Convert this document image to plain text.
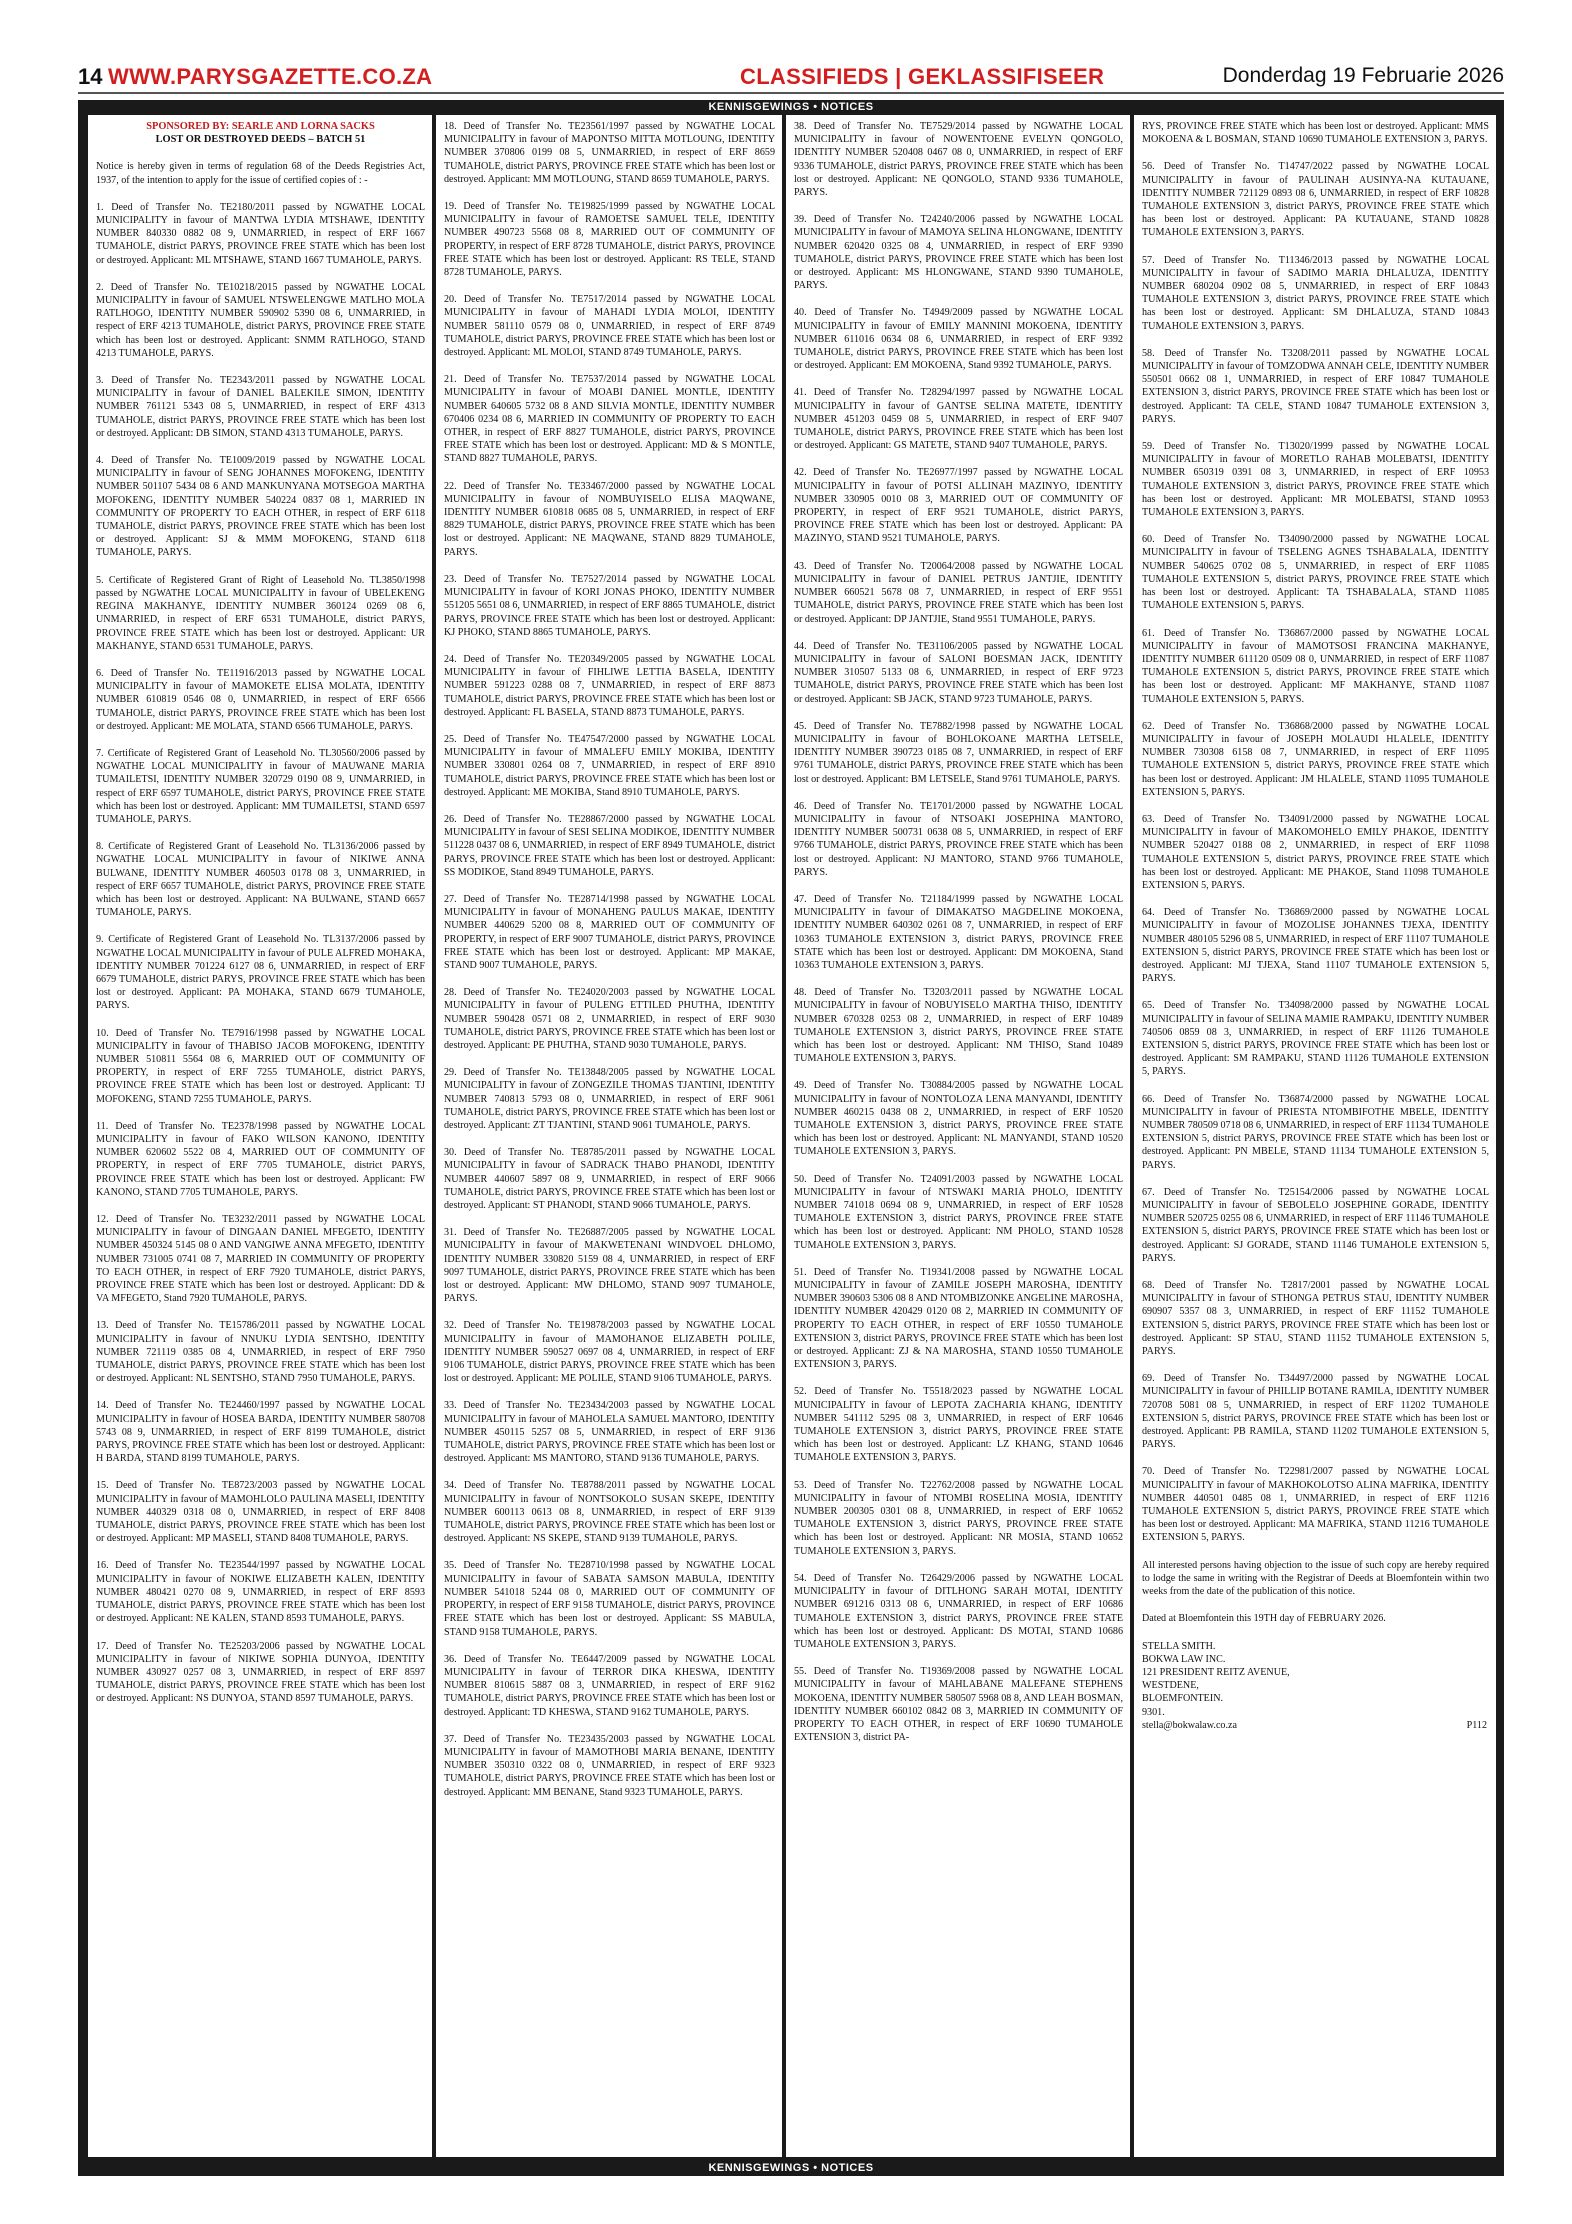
14 WWW.PARYSGAZETTE.CO.ZA	CLASSIFIEDS | GEKLASSIFISEER	Donderdag 19 Februarie 2026
KENNISGEWINGS • NOTICES
KENNISGEWINGS • NOTICES

SPONSORED BY: SEARLE AND LORNA SACKS

LOST OR DESTROYED DEEDS – BATCH 51

Notice is hereby given in terms of regulation 68 of the Deeds Registries Act, 1937, of the intention to apply for the issue of certified copies of : -

1. Deed of Transfer No. TE2180/2011 passed by NGWATHE LOCAL MUNICIPALITY in favour of MANTWA LYDIA MTSHAWE, IDENTITY NUMBER 840330 0882 08 9, UNMARRIED, in respect of ERF 1667 TUMAHOLE, district PARYS, PROVINCE FREE STATE which has been lost or destroyed. Applicant: ML MTSHAWE, STAND 1667 TUMAHOLE, PARYS.

2. Deed of Transfer No. TE10218/2015 passed by NGWATHE LOCAL MUNICIPALITY in favour of SAMUEL NTSWELENGWE MATLHO MOLA RATLHOGO, IDENTITY NUMBER 590902 5390 08 6, UNMARRIED, in respect of ERF 4213 TUMAHOLE, district PARYS, PROVINCE FREE STATE which has been lost or destroyed. Applicant: SNMM RATLHOGO, STAND 4213 TUMAHOLE, PARYS.

3. Deed of Transfer No. TE2343/2011 passed by NGWATHE LOCAL MUNICIPALITY in favour of DANIEL BALEKILE SIMON, IDENTITY NUMBER 761121 5343 08 5, UNMARRIED, in respect of ERF 4313 TUMAHOLE, district PARYS, PROVINCE FREE STATE which has been lost or destroyed. Applicant: DB SIMON, STAND 4313 TUMAHOLE, PARYS.

4. Deed of Transfer No. TE1009/2019 passed by NGWATHE LOCAL MUNICIPALITY in favour of SENG JOHANNES MOFOKENG, IDENTITY NUMBER 501107 5434 08 6 AND MANKUNYANA MOTSEGOA MARTHA MOFOKENG, IDENTITY NUMBER 540224 0837 08 1, MARRIED IN COMMUNITY OF PROPERTY TO EACH OTHER, in respect of ERF 6118 TUMAHOLE, district PARYS, PROVINCE FREE STATE which has been lost or destroyed. Applicant: SJ & MMM MOFOKENG, STAND 6118 TUMAHOLE, PARYS.

5. Certificate of Registered Grant of Right of Leasehold No. TL3850/1998 passed by NGWATHE LOCAL MUNICIPALITY in favour of UBELEKENG REGINA MAKHANYE, IDENTITY NUMBER 360124 0269 08 6, UNMARRIED, in respect of ERF 6531 TUMAHOLE, district PARYS, PROVINCE FREE STATE which has been lost or destroyed. Applicant: UR MAKHANYE, STAND 6531 TUMAHOLE, PARYS.

6. Deed of Transfer No. TE11916/2013 passed by NGWATHE LOCAL MUNICIPALITY in favour of MAMOKETE ELISA MOLATA, IDENTITY NUMBER 610819 0546 08 0, UNMARRIED, in respect of ERF 6566 TUMAHOLE, district PARYS, PROVINCE FREE STATE which has been lost or destroyed. Applicant: ME MOLATA, STAND 6566 TUMAHOLE, PARYS.

7. Certificate of Registered Grant of Leasehold No. TL30560/2006 passed by NGWATHE LOCAL MUNICIPALITY in favour of MAUWANE MARIA TUMAILETSI, IDENTITY NUMBER 320729 0190 08 9, UNMARRIED, in respect of ERF 6597 TUMAHOLE, district PARYS, PROVINCE FREE STATE which has been lost or destroyed. Applicant: MM TUMAILETSI, STAND 6597 TUMAHOLE, PARYS.

8. Certificate of Registered Grant of Leasehold No. TL3136/2006 passed by NGWATHE LOCAL MUNICIPALITY in favour of NIKIWE ANNA BULWANE, IDENTITY NUMBER 460503 0178 08 3, UNMARRIED, in respect of ERF 6657 TUMAHOLE, district PARYS, PROVINCE FREE STATE which has been lost or destroyed. Applicant: NA BULWANE, STAND 6657 TUMAHOLE, PARYS.

9. Certificate of Registered Grant of Leasehold No. TL3137/2006 passed by NGWATHE LOCAL MUNICIPALITY in favour of PULE ALFRED MOHAKA, IDENTITY NUMBER 701224 6127 08 6, UNMARRIED, in respect of ERF 6679 TUMAHOLE, district PARYS, PROVINCE FREE STATE which has been lost or destroyed. Applicant: PA MOHAKA, STAND 6679 TUMAHOLE, PARYS.

10. Deed of Transfer No. TE7916/1998 passed by NGWATHE LOCAL MUNICIPALITY in favour of THABISO JACOB MOFOKENG, IDENTITY NUMBER 510811 5564 08 6, MARRIED OUT OF COMMUNITY OF PROPERTY, in respect of ERF 7255 TUMAHOLE, district PARYS, PROVINCE FREE STATE which has been lost or destroyed. Applicant: TJ MOFOKENG, STAND 7255 TUMAHOLE, PARYS.

11. Deed of Transfer No. TE2378/1998 passed by NGWATHE LOCAL MUNICIPALITY in favour of FAKO WILSON KANONO, IDENTITY NUMBER 620602 5522 08 4, MARRIED OUT OF COMMUNITY OF PROPERTY, in respect of ERF 7705 TUMAHOLE, district PARYS, PROVINCE FREE STATE which has been lost or destroyed. Applicant: FW KANONO, STAND 7705 TUMAHOLE, PARYS.

12. Deed of Transfer No. TE3232/2011 passed by NGWATHE LOCAL MUNICIPALITY in favour of DINGAAN DANIEL MFEGETO, IDENTITY NUMBER 450324 5145 08 0 AND VANGIWE ANNA MFEGETO, IDENTITY NUMBER 731005 0741 08 7, MARRIED IN COMMUNITY OF PROPERTY TO EACH OTHER, in respect of ERF 7920 TUMAHOLE, district PARYS, PROVINCE FREE STATE which has been lost or destroyed. Applicant: DD & VA MFEGETO, Stand 7920 TUMAHOLE, PARYS.

13. Deed of Transfer No. TE15786/2011 passed by NGWATHE LOCAL MUNICIPALITY in favour of NNUKU LYDIA SENTSHO, IDENTITY NUMBER 721119 0385 08 4, UNMARRIED, in respect of ERF 7950 TUMAHOLE, district PARYS, PROVINCE FREE STATE which has been lost or destroyed. Applicant: NL SENTSHO, STAND 7950 TUMAHOLE, PARYS.

14. Deed of Transfer No. TE24460/1997 passed by NGWATHE LOCAL MUNICIPALITY in favour of HOSEA BARDA, IDENTITY NUMBER 580708 5743 08 9, UNMARRIED, in respect of ERF 8199 TUMAHOLE, district PARYS, PROVINCE FREE STATE which has been lost or destroyed. Applicant: H BARDA, STAND 8199 TUMAHOLE, PARYS.

15. Deed of Transfer No. TE8723/2003 passed by NGWATHE LOCAL MUNICIPALITY in favour of MAMOHLOLO PAULINA MASELI, IDENTITY NUMBER 440329 0318 08 0, UNMARRIED, in respect of ERF 8408 TUMAHOLE, district PARYS, PROVINCE FREE STATE which has been lost or destroyed. Applicant: MP MASELI, STAND 8408 TUMAHOLE, PARYS.

16. Deed of Transfer No. TE23544/1997 passed by NGWATHE LOCAL MUNICIPALITY in favour of NOKIWE ELIZABETH KALEN, IDENTITY NUMBER 480421 0270 08 9, UNMARRIED, in respect of ERF 8593 TUMAHOLE, district PARYS, PROVINCE FREE STATE which has been lost or destroyed. Applicant: NE KALEN, STAND 8593 TUMAHOLE, PARYS.

17. Deed of Transfer No. TE25203/2006 passed by NGWATHE LOCAL MUNICIPALITY in favour of NIKIWE SOPHIA DUNYOA, IDENTITY NUMBER 430927 0257 08 3, UNMARRIED, in respect of ERF 8597 TUMAHOLE, district PARYS, PROVINCE FREE STATE which has been lost or destroyed. Applicant: NS DUNYOA, STAND 8597 TUMAHOLE, PARYS.

18. Deed of Transfer No. TE23561/1997 passed by NGWATHE LOCAL MUNICIPALITY in favour of MAPONTSO MITTA MOTLOUNG, IDENTITY NUMBER 370806 0199 08 5, UNMARRIED, in respect of ERF 8659 TUMAHOLE, district PARYS, PROVINCE FREE STATE which has been lost or destroyed. Applicant: MM MOTLOUNG, STAND 8659 TUMAHOLE, PARYS.

19. Deed of Transfer No. TE19825/1999 passed by NGWATHE LOCAL MUNICIPALITY in favour of RAMOETSE SAMUEL TELE, IDENTITY NUMBER 490723 5568 08 8, MARRIED OUT OF COMMUNITY OF PROPERTY, in respect of ERF 8728 TUMAHOLE, district PARYS, PROVINCE FREE STATE which has been lost or destroyed. Applicant: RS TELE, STAND 8728 TUMAHOLE, PARYS.

20. Deed of Transfer No. TE7517/2014 passed by NGWATHE LOCAL MUNICIPALITY in favour of MAHADI LYDIA MOLOI, IDENTITY NUMBER 581110 0579 08 0, UNMARRIED, in respect of ERF 8749 TUMAHOLE, district PARYS, PROVINCE FREE STATE which has been lost or destroyed. Applicant: ML MOLOI, STAND 8749 TUMAHOLE, PARYS.

21. Deed of Transfer No. TE7537/2014 passed by NGWATHE LOCAL MUNICIPALITY in favour of MOABI DANIEL MONTLE, IDENTITY NUMBER 640605 5732 08 8 AND SILVIA MONTLE, IDENTITY NUMBER 670406 0234 08 6, MARRIED IN COMMUNITY OF PROPERTY TO EACH OTHER, in respect of ERF 8827 TUMAHOLE, district PARYS, PROVINCE FREE STATE which has been lost or destroyed. Applicant: MD & S MONTLE, STAND 8827 TUMAHOLE, PARYS.

22. Deed of Transfer No. TE33467/2000 passed by NGWATHE LOCAL MUNICIPALITY in favour of NOMBUYISELO ELISA MAQWANE, IDENTITY NUMBER 610818 0685 08 5, UNMARRIED, in respect of ERF 8829 TUMAHOLE, district PARYS, PROVINCE FREE STATE which has been lost or destroyed. Applicant: NE MAQWANE, STAND 8829 TUMAHOLE, PARYS.

23. Deed of Transfer No. TE7527/2014 passed by NGWATHE LOCAL MUNICIPALITY in favour of KORI JONAS PHOKO, IDENTITY NUMBER 551205 5651 08 6, UNMARRIED, in respect of ERF 8865 TUMAHOLE, district PARYS, PROVINCE FREE STATE which has been lost or destroyed. Applicant: KJ PHOKO, STAND 8865 TUMAHOLE, PARYS.

24. Deed of Transfer No. TE20349/2005 passed by NGWATHE LOCAL MUNICIPALITY in favour of FIHLIWE LETTIA BASELA, IDENTITY NUMBER 591223 0288 08 7, UNMARRIED, in respect of ERF 8873 TUMAHOLE, district PARYS, PROVINCE FREE STATE which has been lost or destroyed. Applicant: FL BASELA, STAND 8873 TUMAHOLE, PARYS.

25. Deed of Transfer No. TE47547/2000 passed by NGWATHE LOCAL MUNICIPALITY in favour of MMALEFU EMILY MOKIBA, IDENTITY NUMBER 330801 0264 08 7, UNMARRIED, in respect of ERF 8910 TUMAHOLE, district PARYS, PROVINCE FREE STATE which has been lost or destroyed. Applicant: ME MOKIBA, Stand 8910 TUMAHOLE, PARYS.

26. Deed of Transfer No. TE28867/2000 passed by NGWATHE LOCAL MUNICIPALITY in favour of SESI SELINA MODIKOE, IDENTITY NUMBER 511228 0437 08 6, UNMARRIED, in respect of ERF 8949 TUMAHOLE, district PARYS, PROVINCE FREE STATE which has been lost or destroyed. Applicant: SS MODIKOE, Stand 8949 TUMAHOLE, PARYS.

27. Deed of Transfer No. TE28714/1998 passed by NGWATHE LOCAL MUNICIPALITY in favour of MONAHENG PAULUS MAKAE, IDENTITY NUMBER 440629 5200 08 8, MARRIED OUT OF COMMUNITY OF PROPERTY, in respect of ERF 9007 TUMAHOLE, district PARYS, PROVINCE FREE STATE which has been lost or destroyed. Applicant: MP MAKAE, STAND 9007 TUMAHOLE, PARYS.

28. Deed of Transfer No. TE24020/2003 passed by NGWATHE LOCAL MUNICIPALITY in favour of PULENG ETTILED PHUTHA, IDENTITY NUMBER 590428 0571 08 2, UNMARRIED, in respect of ERF 9030 TUMAHOLE, district PARYS, PROVINCE FREE STATE which has been lost or destroyed. Applicant: PE PHUTHA, STAND 9030 TUMAHOLE, PARYS.

29. Deed of Transfer No. TE13848/2005 passed by NGWATHE LOCAL MUNICIPALITY in favour of ZONGEZILE THOMAS TJANTINI, IDENTITY NUMBER 740813 5793 08 0, UNMARRIED, in respect of ERF 9061 TUMAHOLE, district PARYS, PROVINCE FREE STATE which has been lost or destroyed. Applicant: ZT TJANTINI, STAND 9061 TUMAHOLE, PARYS.

30. Deed of Transfer No. TE8785/2011 passed by NGWATHE LOCAL MUNICIPALITY in favour of SADRACK THABO PHANODI, IDENTITY NUMBER 440607 5897 08 9, UNMARRIED, in respect of ERF 9066 TUMAHOLE, district PARYS, PROVINCE FREE STATE which has been lost or destroyed. Applicant: ST PHANODI, STAND 9066 TUMAHOLE, PARYS.

31. Deed of Transfer No. TE26887/2005 passed by NGWATHE LOCAL MUNICIPALITY in favour of MAKWETENANI WINDVOEL DHLOMO, IDENTITY NUMBER 330820 5159 08 4, UNMARRIED, in respect of ERF 9097 TUMAHOLE, district PARYS, PROVINCE FREE STATE which has been lost or destroyed. Applicant: MW DHLOMO, STAND 9097 TUMAHOLE, PARYS.

32. Deed of Transfer No. TE19878/2003 passed by NGWATHE LOCAL MUNICIPALITY in favour of MAMOHANOE ELIZABETH POLILE, IDENTITY NUMBER 590527 0697 08 4, UNMARRIED, in respect of ERF 9106 TUMAHOLE, district PARYS, PROVINCE FREE STATE which has been lost or destroyed. Applicant: ME POLILE, STAND 9106 TUMAHOLE, PARYS.

33. Deed of Transfer No. TE23434/2003 passed by NGWATHE LOCAL MUNICIPALITY in favour of MAHOLELA SAMUEL MANTORO, IDENTITY NUMBER 450115 5257 08 5, UNMARRIED, in respect of ERF 9136 TUMAHOLE, district PARYS, PROVINCE FREE STATE which has been lost or destroyed. Applicant: MS MANTORO, STAND 9136 TUMAHOLE, PARYS.

34. Deed of Transfer No. TE8788/2011 passed by NGWATHE LOCAL MUNICIPALITY in favour of NONTSOKOLO SUSAN SKEPE, IDENTITY NUMBER 600113 0613 08 8, UNMARRIED, in respect of ERF 9139 TUMAHOLE, district PARYS, PROVINCE FREE STATE which has been lost or destroyed. Applicant: NS SKEPE, STAND 9139 TUMAHOLE, PARYS.

35. Deed of Transfer No. TE28710/1998 passed by NGWATHE LOCAL MUNICIPALITY in favour of SABATA SAMSON MABULA, IDENTITY NUMBER 541018 5244 08 0, MARRIED OUT OF COMMUNITY OF PROPERTY, in respect of ERF 9158 TUMAHOLE, district PARYS, PROVINCE FREE STATE which has been lost or destroyed. Applicant: SS MABULA, STAND 9158 TUMAHOLE, PARYS.

36. Deed of Transfer No. TE6447/2009 passed by NGWATHE LOCAL MUNICIPALITY in favour of TERROR DIKA KHESWA, IDENTITY NUMBER 810615 5887 08 3, UNMARRIED, in respect of ERF 9162 TUMAHOLE, district PARYS, PROVINCE FREE STATE which has been lost or destroyed. Applicant: TD KHESWA, STAND 9162 TUMAHOLE, PARYS.

37. Deed of Transfer No. TE23435/2003 passed by NGWATHE LOCAL MUNICIPALITY in favour of MAMOTHOBI MARIA BENANE, IDENTITY NUMBER 350310 0322 08 0, UNMARRIED, in respect of ERF 9323 TUMAHOLE, district PARYS, PROVINCE FREE STATE which has been lost or destroyed. Applicant: MM BENANE, Stand 9323 TUMAHOLE, PARYS.

38. Deed of Transfer No. TE7529/2014 passed by NGWATHE LOCAL MUNICIPALITY in favour of NOWENTOENE EVELYN QONGOLO, IDENTITY NUMBER 520408 0467 08 0, UNMARRIED, in respect of ERF 9336 TUMAHOLE, district PARYS, PROVINCE FREE STATE which has been lost or destroyed. Applicant: NE QONGOLO, STAND 9336 TUMAHOLE, PARYS.

39. Deed of Transfer No. T24240/2006 passed by NGWATHE LOCAL MUNICIPALITY in favour of MAMOYA SELINA HLONGWANE, IDENTITY NUMBER 620420 0325 08 4, UNMARRIED, in respect of ERF 9390 TUMAHOLE, district PARYS, PROVINCE FREE STATE which has been lost or destroyed. Applicant: MS HLONGWANE, STAND 9390 TUMAHOLE, PARYS.

40. Deed of Transfer No. T4949/2009 passed by NGWATHE LOCAL MUNICIPALITY in favour of EMILY MANNINI MOKOENA, IDENTITY NUMBER 611016 0634 08 6, UNMARRIED, in respect of ERF 9392 TUMAHOLE, district PARYS, PROVINCE FREE STATE which has been lost or destroyed. Applicant: EM MOKOENA, Stand 9392 TUMAHOLE, PARYS.

41. Deed of Transfer No. T28294/1997 passed by NGWATHE LOCAL MUNICIPALITY in favour of GANTSE SELINA MATETE, IDENTITY NUMBER 451203 0459 08 5, UNMARRIED, in respect of ERF 9407 TUMAHOLE, district PARYS, PROVINCE FREE STATE which has been lost or destroyed. Applicant: GS MATETE, STAND 9407 TUMAHOLE, PARYS.

42. Deed of Transfer No. TE26977/1997 passed by NGWATHE LOCAL MUNICIPALITY in favour of POTSI ALLINAH MAZINYO, IDENTITY NUMBER 330905 0010 08 3, MARRIED OUT OF COMMUNITY OF PROPERTY, in respect of ERF 9521 TUMAHOLE, district PARYS, PROVINCE FREE STATE which has been lost or destroyed. Applicant: PA MAZINYO, STAND 9521 TUMAHOLE, PARYS.

43. Deed of Transfer No. T20064/2008 passed by NGWATHE LOCAL MUNICIPALITY in favour of DANIEL PETRUS JANTJIE, IDENTITY NUMBER 660521 5678 08 7, UNMARRIED, in respect of ERF 9551 TUMAHOLE, district PARYS, PROVINCE FREE STATE which has been lost or destroyed. Applicant: DP JANTJIE, Stand 9551 TUMAHOLE, PARYS.

44. Deed of Transfer No. TE31106/2005 passed by NGWATHE LOCAL MUNICIPALITY in favour of SALONI BOESMAN JACK, IDENTITY NUMBER 310507 5133 08 6, UNMARRIED, in respect of ERF 9723 TUMAHOLE, district PARYS, PROVINCE FREE STATE which has been lost or destroyed. Applicant: SB JACK, STAND 9723 TUMAHOLE, PARYS.

45. Deed of Transfer No. TE7882/1998 passed by NGWATHE LOCAL MUNICIPALITY in favour of BOHLOKOANE MARTHA LETSELE, IDENTITY NUMBER 390723 0185 08 7, UNMARRIED, in respect of ERF 9761 TUMAHOLE, district PARYS, PROVINCE FREE STATE which has been lost or destroyed. Applicant: BM LETSELE, Stand 9761 TUMAHOLE, PARYS.

46. Deed of Transfer No. TE1701/2000 passed by NGWATHE LOCAL MUNICIPALITY in favour of NTSOAKI JOSEPHINA MANTORO, IDENTITY NUMBER 500731 0638 08 5, UNMARRIED, in respect of ERF 9766 TUMAHOLE, district PARYS, PROVINCE FREE STATE which has been lost or destroyed. Applicant: NJ MANTORO, STAND 9766 TUMAHOLE, PARYS.

47. Deed of Transfer No. T21184/1999 passed by NGWATHE LOCAL MUNICIPALITY in favour of DIMAKATSO MAGDELINE MOKOENA, IDENTITY NUMBER 640302 0261 08 7, UNMARRIED, in respect of ERF 10363 TUMAHOLE EXTENSION 3, district PARYS, PROVINCE FREE STATE which has been lost or destroyed. Applicant: DM MOKOENA, Stand 10363 TUMAHOLE EXTENSION 3, PARYS.

48. Deed of Transfer No. T3203/2011 passed by NGWATHE LOCAL MUNICIPALITY in favour of NOBUYISELO MARTHA THISO, IDENTITY NUMBER 670328 0253 08 2, UNMARRIED, in respect of ERF 10489 TUMAHOLE EXTENSION 3, district PARYS, PROVINCE FREE STATE which has been lost or destroyed. Applicant: NM THISO, Stand 10489 TUMAHOLE EXTENSION 3, PARYS.

49. Deed of Transfer No. T30884/2005 passed by NGWATHE LOCAL MUNICIPALITY in favour of NONTOLOZA LENA MANYANDI, IDENTITY NUMBER 460215 0438 08 2, UNMARRIED, in respect of ERF 10520 TUMAHOLE EXTENSION 3, district PARYS, PROVINCE FREE STATE which has been lost or destroyed. Applicant: NL MANYANDI, STAND 10520 TUMAHOLE EXTENSION 3, PARYS.

50. Deed of Transfer No. T24091/2003 passed by NGWATHE LOCAL MUNICIPALITY in favour of NTSWAKI MARIA PHOLO, IDENTITY NUMBER 741018 0694 08 9, UNMARRIED, in respect of ERF 10528 TUMAHOLE EXTENSION 3, district PARYS, PROVINCE FREE STATE which has been lost or destroyed. Applicant: NM PHOLO, STAND 10528 TUMAHOLE EXTENSION 3, PARYS.

51. Deed of Transfer No. T19341/2008 passed by NGWATHE LOCAL MUNICIPALITY in favour of ZAMILE JOSEPH MAROSHA, IDENTITY NUMBER 390603 5306 08 8 AND NTOMBIZONKE ANGELINE MAROSHA, IDENTITY NUMBER 420429 0120 08 2, MARRIED IN COMMUNITY OF PROPERTY TO EACH OTHER, in respect of ERF 10550 TUMAHOLE EXTENSION 3, district PARYS, PROVINCE FREE STATE which has been lost or destroyed. Applicant: ZJ & NA MAROSHA, STAND 10550 TUMAHOLE EXTENSION 3, PARYS.

52. Deed of Transfer No. T5518/2023 passed by NGWATHE LOCAL MUNICIPALITY in favour of LEPOTA ZACHARIA KHANG, IDENTITY NUMBER 541112 5295 08 3, UNMARRIED, in respect of ERF 10646 TUMAHOLE EXTENSION 3, district PARYS, PROVINCE FREE STATE which has been lost or destroyed. Applicant: LZ KHANG, STAND 10646 TUMAHOLE EXTENSION 3, PARYS.

53. Deed of Transfer No. T22762/2008 passed by NGWATHE LOCAL MUNICIPALITY in favour of NTOMBI ROSELINA MOSIA, IDENTITY NUMBER 200305 0301 08 8, UNMARRIED, in respect of ERF 10652 TUMAHOLE EXTENSION 3, district PARYS, PROVINCE FREE STATE which has been lost or destroyed. Applicant: NR MOSIA, STAND 10652 TUMAHOLE EXTENSION 3, PARYS.

54. Deed of Transfer No. T26429/2006 passed by NGWATHE LOCAL MUNICIPALITY in favour of DITLHONG SARAH MOTAI, IDENTITY NUMBER 691216 0313 08 6, UNMARRIED, in respect of ERF 10686 TUMAHOLE EXTENSION 3, district PARYS, PROVINCE FREE STATE which has been lost or destroyed. Applicant: DS MOTAI, STAND 10686 TUMAHOLE EXTENSION 3, PARYS.

55. Deed of Transfer No. T19369/2008 passed by NGWATHE LOCAL MUNICIPALITY in favour of MAHLABANE MALEFANE STEPHENS MOKOENA, IDENTITY NUMBER 580507 5968 08 8, AND LEAH BOSMAN, IDENTITY NUMBER 660102 0842 08 3, MARRIED IN COMMUNITY OF PROPERTY TO EACH OTHER, in respect of ERF 10690 TUMAHOLE EXTENSION 3, district PA-

RYS, PROVINCE FREE STATE which has been lost or destroyed. Applicant: MMS MOKOENA & L BOSMAN, STAND 10690 TUMAHOLE EXTENSION 3, PARYS.

56. Deed of Transfer No. T14747/2022 passed by NGWATHE LOCAL MUNICIPALITY in favour of PAULINAH AUSINYA-NA KUTAUANE, IDENTITY NUMBER 721129 0893 08 6, UNMARRIED, in respect of ERF 10828 TUMAHOLE EXTENSION 3, district PARYS, PROVINCE FREE STATE which has been lost or destroyed. Applicant: PA KUTAUANE, STAND 10828 TUMAHOLE EXTENSION 3, PARYS.

57. Deed of Transfer No. T11346/2013 passed by NGWATHE LOCAL MUNICIPALITY in favour of SADIMO MARIA DHLALUZA, IDENTITY NUMBER 680204 0902 08 5, UNMARRIED, in respect of ERF 10843 TUMAHOLE EXTENSION 3, district PARYS, PROVINCE FREE STATE which has been lost or destroyed. Applicant: SM DHLALUZA, STAND 10843 TUMAHOLE EXTENSION 3, PARYS.

58. Deed of Transfer No. T3208/2011 passed by NGWATHE LOCAL MUNICIPALITY in favour of TOMZODWA ANNAH CELE, IDENTITY NUMBER 550501 0662 08 1, UNMARRIED, in respect of ERF 10847 TUMAHOLE EXTENSION 3, district PARYS, PROVINCE FREE STATE which has been lost or destroyed. Applicant: TA CELE, STAND 10847 TUMAHOLE EXTENSION 3, PARYS.

59. Deed of Transfer No. T13020/1999 passed by NGWATHE LOCAL MUNICIPALITY in favour of MORETLO RAHAB MOLEBATSI, IDENTITY NUMBER 650319 0391 08 3, UNMARRIED, in respect of ERF 10953 TUMAHOLE EXTENSION 3, district PARYS, PROVINCE FREE STATE which has been lost or destroyed. Applicant: MR MOLEBATSI, STAND 10953 TUMAHOLE EXTENSION 3, PARYS.

60. Deed of Transfer No. T34090/2000 passed by NGWATHE LOCAL MUNICIPALITY in favour of TSELENG AGNES TSHABALALA, IDENTITY NUMBER 540625 0702 08 5, UNMARRIED, in respect of ERF 11085 TUMAHOLE EXTENSION 5, district PARYS, PROVINCE FREE STATE which has been lost or destroyed. Applicant: TA TSHABALALA, STAND 11085 TUMAHOLE EXTENSION 5, PARYS.

61. Deed of Transfer No. T36867/2000 passed by NGWATHE LOCAL MUNICIPALITY in favour of MAMOTSOSI FRANCINA MAKHANYE, IDENTITY NUMBER 611120 0509 08 0, UNMARRIED, in respect of ERF 11087 TUMAHOLE EXTENSION 5, district PARYS, PROVINCE FREE STATE which has been lost or destroyed. Applicant: MF MAKHANYE, STAND 11087 TUMAHOLE EXTENSION 5, PARYS.

62. Deed of Transfer No. T36868/2000 passed by NGWATHE LOCAL MUNICIPALITY in favour of JOSEPH MOLAUDI HLALELE, IDENTITY NUMBER 730308 6158 08 7, UNMARRIED, in respect of ERF 11095 TUMAHOLE EXTENSION 5, district PARYS, PROVINCE FREE STATE which has been lost or destroyed. Applicant: JM HLALELE, STAND 11095 TUMAHOLE EXTENSION 5, PARYS.

63. Deed of Transfer No. T34091/2000 passed by NGWATHE LOCAL MUNICIPALITY in favour of MAKOMOHELO EMILY PHAKOE, IDENTITY NUMBER 520427 0188 08 2, UNMARRIED, in respect of ERF 11098 TUMAHOLE EXTENSION 5, district PARYS, PROVINCE FREE STATE which has been lost or destroyed. Applicant: ME PHAKOE, Stand 11098 TUMAHOLE EXTENSION 5, PARYS.

64. Deed of Transfer No. T36869/2000 passed by NGWATHE LOCAL MUNICIPALITY in favour of MOZOLISE JOHANNES TJEXA, IDENTITY NUMBER 480105 5296 08 5, UNMARRIED, in respect of ERF 11107 TUMAHOLE EXTENSION 5, district PARYS, PROVINCE FREE STATE which has been lost or destroyed. Applicant: MJ TJEXA, Stand 11107 TUMAHOLE EXTENSION 5, PARYS.

65. Deed of Transfer No. T34098/2000 passed by NGWATHE LOCAL MUNICIPALITY in favour of SELINA MAMIE RAMPAKU, IDENTITY NUMBER 740506 0859 08 3, UNMARRIED, in respect of ERF 11126 TUMAHOLE EXTENSION 5, district PARYS, PROVINCE FREE STATE which has been lost or destroyed. Applicant: SM RAMPAKU, STAND 11126 TUMAHOLE EXTENSION 5, PARYS.

66. Deed of Transfer No. T36874/2000 passed by NGWATHE LOCAL MUNICIPALITY in favour of PRIESTA NTOMBIFOTHE MBELE, IDENTITY NUMBER 780509 0718 08 6, UNMARRIED, in respect of ERF 11134 TUMAHOLE EXTENSION 5, district PARYS, PROVINCE FREE STATE which has been lost or destroyed. Applicant: PN MBELE, STAND 11134 TUMAHOLE EXTENSION 5, PARYS.

67. Deed of Transfer No. T25154/2006 passed by NGWATHE LOCAL MUNICIPALITY in favour of SEBOLELO JOSEPHINE GORADE, IDENTITY NUMBER 520725 0255 08 6, UNMARRIED, in respect of ERF 11146 TUMAHOLE EXTENSION 5, district PARYS, PROVINCE FREE STATE which has been lost or destroyed. Applicant: SJ GORADE, STAND 11146 TUMAHOLE EXTENSION 5, PARYS.

68. Deed of Transfer No. T2817/2001 passed by NGWATHE LOCAL MUNICIPALITY in favour of STHONGA PETRUS STAU, IDENTITY NUMBER 690907 5357 08 3, UNMARRIED, in respect of ERF 11152 TUMAHOLE EXTENSION 5, district PARYS, PROVINCE FREE STATE which has been lost or destroyed. Applicant: SP STAU, STAND 11152 TUMAHOLE EXTENSION 5, PARYS.

69. Deed of Transfer No. T34497/2000 passed by NGWATHE LOCAL MUNICIPALITY in favour of PHILLIP BOTANE RAMILA, IDENTITY NUMBER 720708 5081 08 5, UNMARRIED, in respect of ERF 11202 TUMAHOLE EXTENSION 5, district PARYS, PROVINCE FREE STATE which has been lost or destroyed. Applicant: PB RAMILA, STAND 11202 TUMAHOLE EXTENSION 5, PARYS.

70. Deed of Transfer No. T22981/2007 passed by NGWATHE LOCAL MUNICIPALITY in favour of MAKHOKOLOTSO ALINA MAFRIKA, IDENTITY NUMBER 440501 0485 08 1, UNMARRIED, in respect of ERF 11216 TUMAHOLE EXTENSION 5, district PARYS, PROVINCE FREE STATE which has been lost or destroyed. Applicant: MA MAFRIKA, STAND 11216 TUMAHOLE EXTENSION 5, PARYS.

All interested persons having objection to the issue of such copy are hereby required to lodge the same in writing with the Registrar of Deeds at Bloemfontein within two weeks from the date of the publication of this notice.

Dated at Bloemfontein this 19TH day of FEBRUARY 2026.

STELLA SMITH.

BOKWA LAW INC.

121 PRESIDENT REITZ AVENUE,

WESTDENE,

BLOEMFONTEIN.

9301.

stella@bokwalaw.co.za	P112
